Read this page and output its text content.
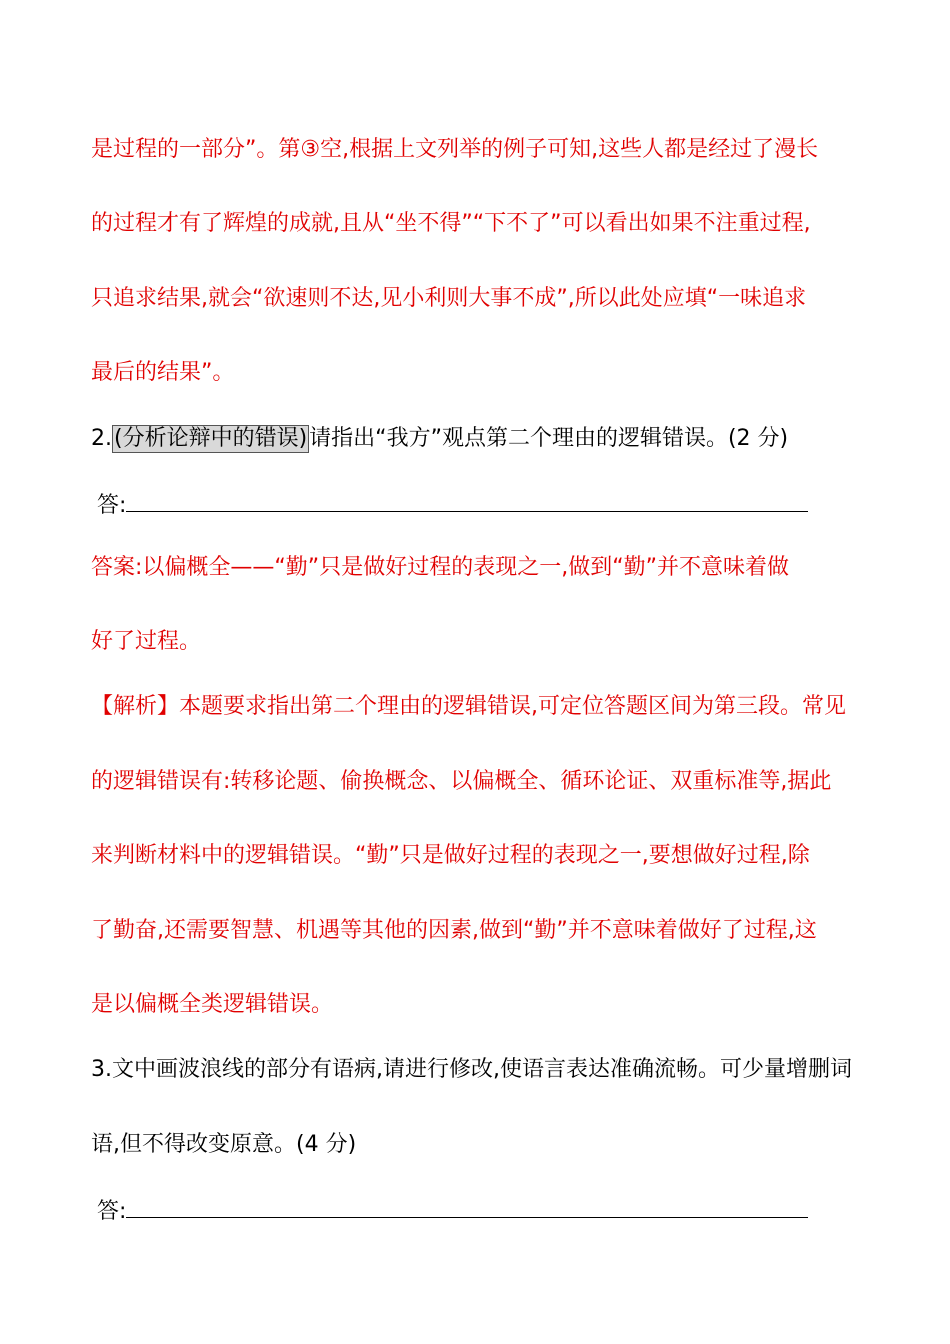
是过程的一部分”。第③空,根据上文列举的例子可知,这些人都是经过了漫长
的过程才有了辉煌的成就,且从“坐不得”“下不了”可以看出如果不注重过程,
只追求结果,就会“欲速则不达,见小利则大事不成”,所以此处应填“一味追求
最后的结果”。
2.(分析论辩中的错误)请指出“我方”观点第二个理由的逻辑错误。(2 分)
答:
答案:以偏概全——“勤”只是做好过程的表现之一,做到“勤”并不意味着做
好了过程。
【解析】本题要求指出第二个理由的逻辑错误,可定位答题区间为第三段。常见
的逻辑错误有:转移论题、偷换概念、以偏概全、循环论证、双重标准等,据此
来判断材料中的逻辑错误。“勤”只是做好过程的表现之一,要想做好过程,除
了勤奋,还需要智慧、机遇等其他的因素,做到“勤”并不意味着做好了过程,这
是以偏概全类逻辑错误。
3.文中画波浪线的部分有语病,请进行修改,使语言表达准确流畅。可少量增删词
语,但不得改变原意。(4 分)
答:
